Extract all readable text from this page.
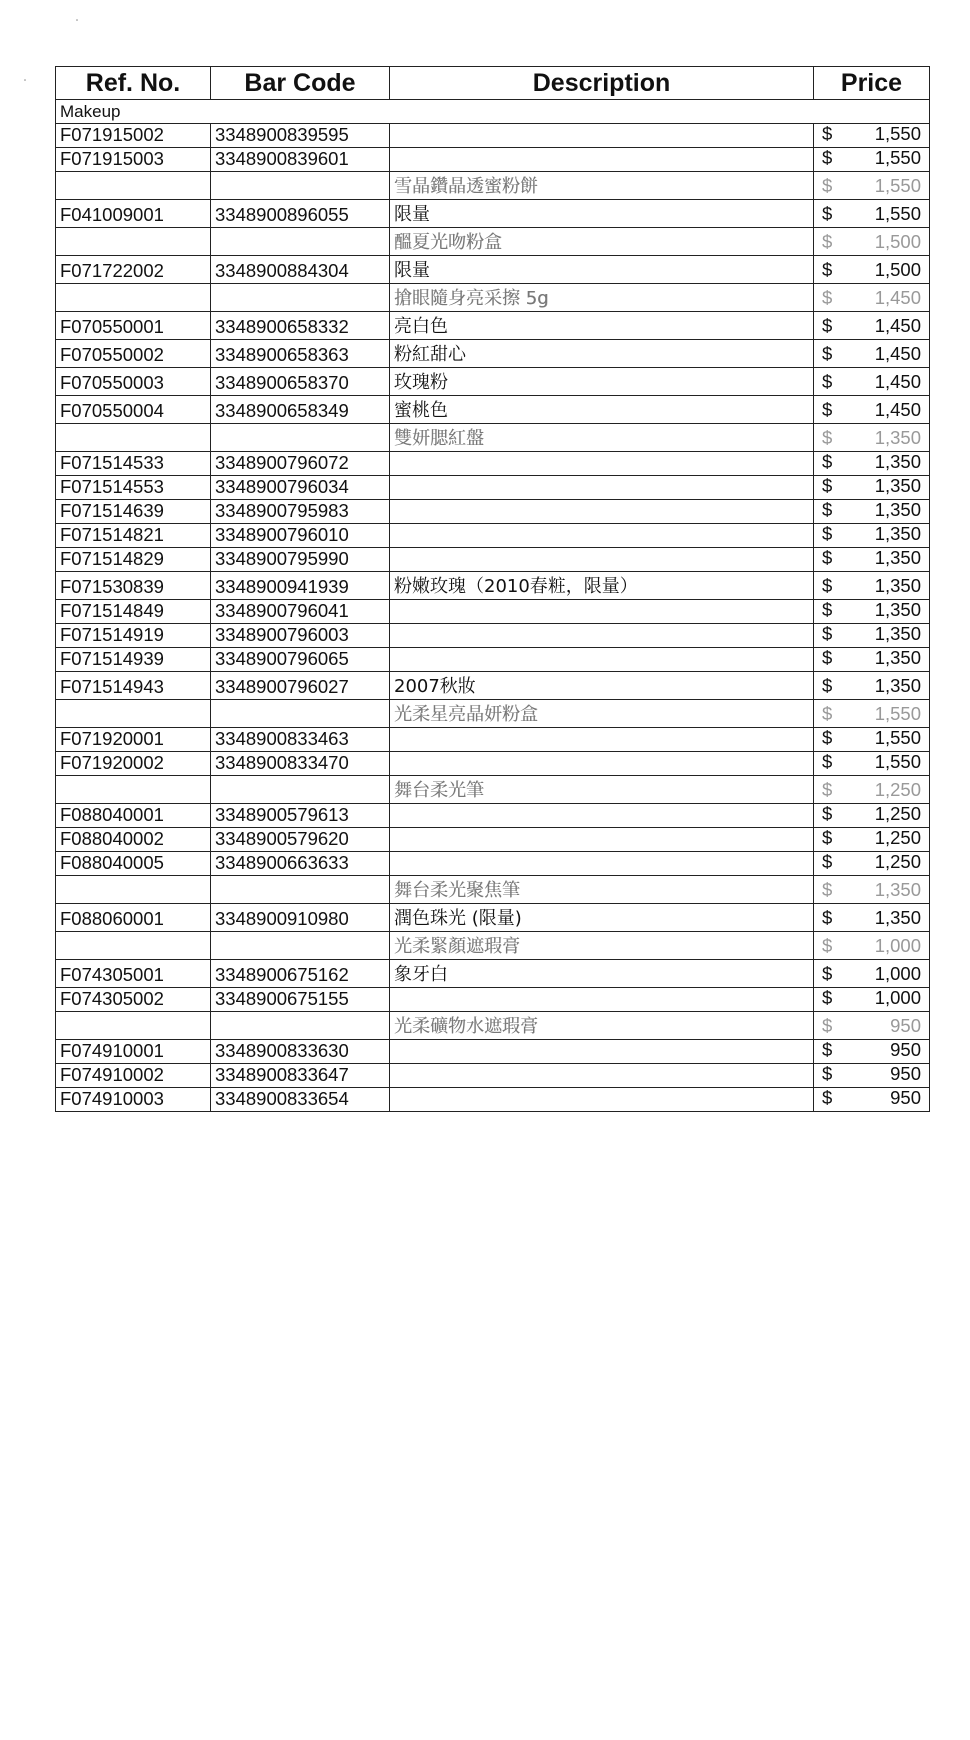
Ref. No.	Bar Code	Description	Price
Makeup			
F071915002	3348900839595		$ 1,550

F071915003	3348900839601		$ 1,550

		雪晶鑽晶透蜜粉餅	$ 1,550

F041009001	3348900896055	限量	$ 1,550

		醞夏光吻粉盒	$ 1,500

F071722002	3348900884304	限量	$ 1,500

		搶眼隨身亮采擦 5g	$ 1,450

F070550001	3348900658332	亮白色	$ 1,450

F070550002	3348900658363	粉紅甜心	$ 1,450

F070550003	3348900658370	玫瑰粉	$ 1,450

F070550004	3348900658349	蜜桃色	$ 1,450

		雙妍腮紅盤	$ 1,350

F071514533	3348900796072		$ 1,350

F071514553	3348900796034		$ 1,350

F071514639	3348900795983		$ 1,350

F071514821	3348900796010		$ 1,350

F071514829	3348900795990		$ 1,350

F071530839	3348900941939	粉嫩玫瑰（2010春粧，限量）	$ 1,350

F071514849	3348900796041		$ 1,350

F071514919	3348900796003		$ 1,350

F071514939	3348900796065		$ 1,350

F071514943	3348900796027	2007秋妝	$ 1,350

		光柔星亮晶妍粉盒	$ 1,550

F071920001	3348900833463		$ 1,550

F071920002	3348900833470		$ 1,550

		舞台柔光筆	$ 1,250

F088040001	3348900579613		$ 1,250

F088040002	3348900579620		$ 1,250

F088040005	3348900663633		$ 1,250

		舞台柔光聚焦筆	$ 1,350

F088060001	3348900910980	潤色珠光 (限量)	$ 1,350

		光柔緊顏遮瑕膏	$ 1,000

F074305001	3348900675162	象牙白	$ 1,000

F074305002	3348900675155		$ 1,000

		光柔礦物水遮瑕膏	$ 950

F074910001	3348900833630		$ 950

F074910002	3348900833647		$ 950

F074910003	3348900833654		$ 950
